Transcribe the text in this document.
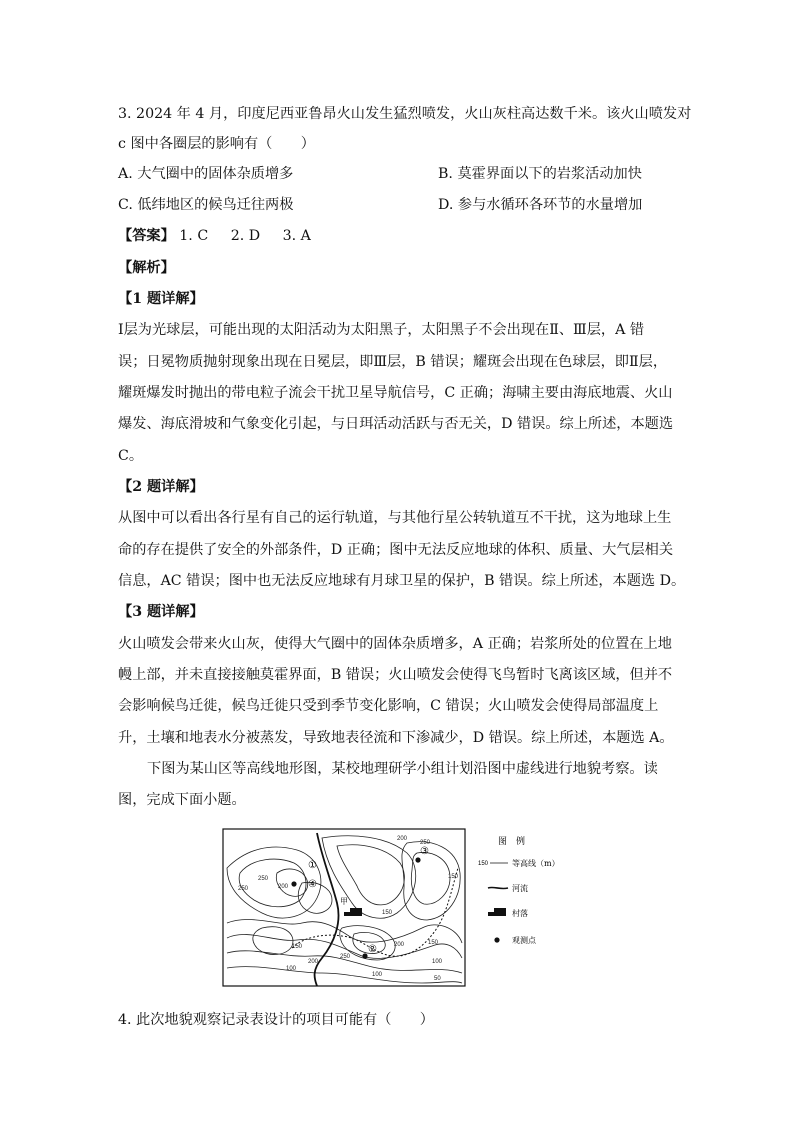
3. 2024 年 4 月，印度尼西亚鲁昂火山发生猛烈喷发，火山灰柱高达数千米。该火山喷发对
c 图中各圈层的影响有（　　）
A. 大气圈中的固体杂质增多	B. 莫霍界面以下的岩浆活动加快
C. 低纬地区的候鸟迁往两极	D. 参与水循环各环节的水量增加
【答案】 1. C 2. D 3. A
【解析】
【1 题详解】
Ⅰ层为光球层，可能出现的太阳活动为太阳黑子，太阳黑子不会出现在Ⅱ、Ⅲ层，A 错
误；日冕物质抛射现象出现在日冕层，即Ⅲ层，B 错误；耀斑会出现在色球层，即Ⅱ层，
耀斑爆发时抛出的带电粒子流会干扰卫星导航信号，C 正确；海啸主要由海底地震、火山
爆发、海底滑坡和气象变化引起，与日珥活动活跃与否无关，D 错误。综上所述，本题选
C。
【2 题详解】
从图中可以看出各行星有自己的运行轨道，与其他行星公转轨道互不干扰，这为地球上生
命的存在提供了安全的外部条件，D 正确；图中无法反应地球的体积、质量、大气层相关
信息，AC 错误；图中也无法反应地球有月球卫星的保护，B 错误。综上所述，本题选 D。
【3 题详解】
火山喷发会带来火山灰，使得大气圈中的固体杂质增多，A 正确；岩浆所处的位置在上地
幔上部，并未直接接触莫霍界面，B 错误；火山喷发会使得飞鸟暂时飞离该区域，但并不
会影响候鸟迁徙，候鸟迁徙只受到季节变化影响，C 错误；火山喷发会使得局部温度上
升，土壤和地表水分被蒸发，导致地表径流和下渗减少，D 错误。综上所述，本题选 A。
下图为某山区等高线地形图，某校地理研学小组计划沿图中虚线进行地貌考察。读
图，完成下面小题。
甲
④
②
③
①
250
250
200
200
250
150
150
100
200
250
200	150
100
50
150
100
图　例
150	等高线（m）
河流
村落
观测点
4. 此次地貌观察记录表设计的项目可能有（　　）
